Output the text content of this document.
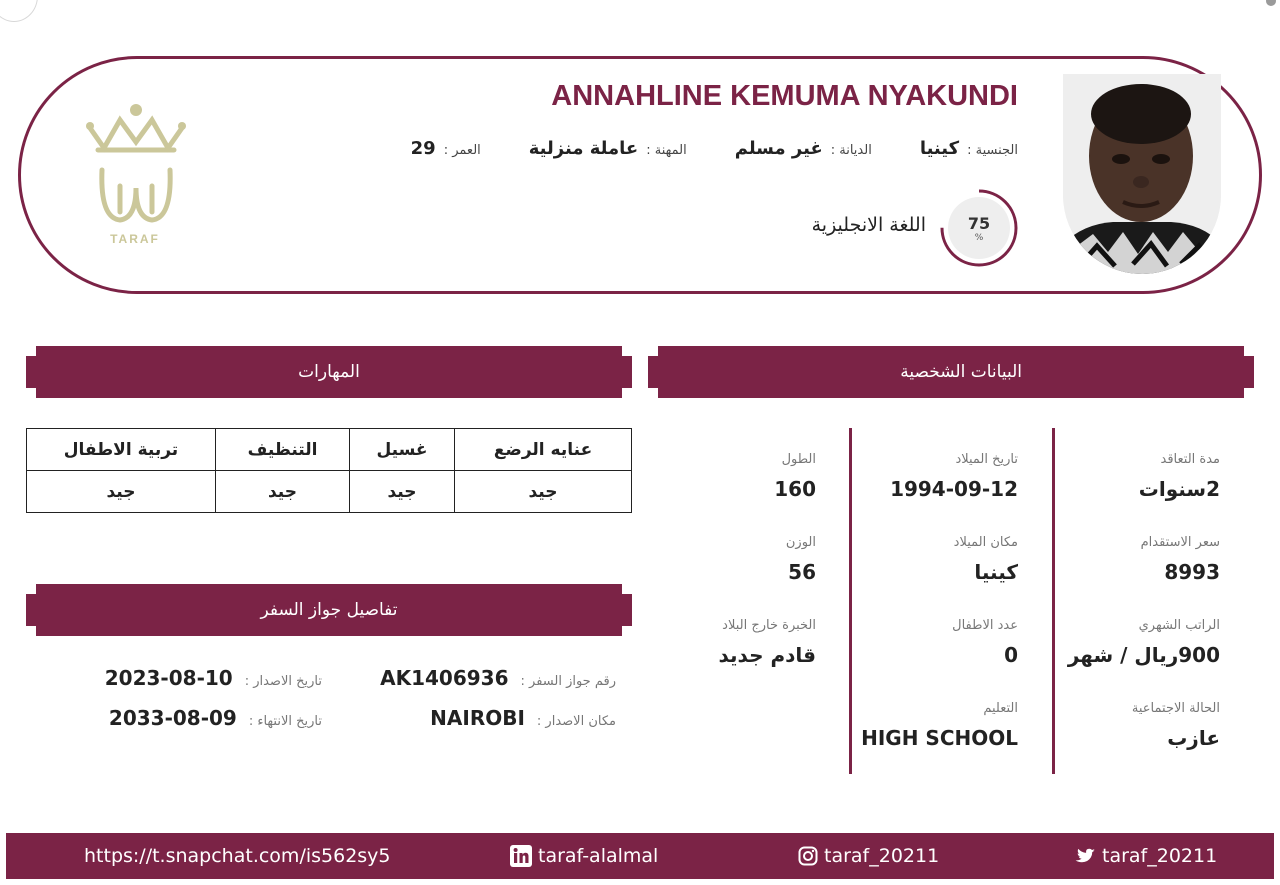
TARAF
ANNAHLINE KEMUMA NYAKUNDI
الجنسية :
كينيا
الديانة :
غير مسلم
المهنة :
عاملة منزلية
العمر :
29
75
%
اللغة الانجليزية
البيانات الشخصية
مدة التعاقد
2سنوات
سعر الاستقدام
8993
الراتب الشهري
900ريال / شهر
الحالة الاجتماعية
عازب
تاريخ الميلاد
1994-09-12
مكان الميلاد
كينيا
عدد الاطفال
0
التعليم
HIGH SCHOOL
الطول
160
الوزن
56
الخبرة خارج البلاد
قادم جديد
المهارات
عنايه الرضع	غسيل	التنظيف	تربية الاطفال
جيد	جيد	جيد	جيد
تفاصيل جواز السفر
رقم جواز السفر :
AK1406936
تاريخ الاصدار :
2023-08-10
مكان الاصدار :
NAIROBI
تاريخ الانتهاء :
2033-08-09
https://t.snapchat.com/is562sy5	taraf-alalmal	taraf_20211	taraf_20211
